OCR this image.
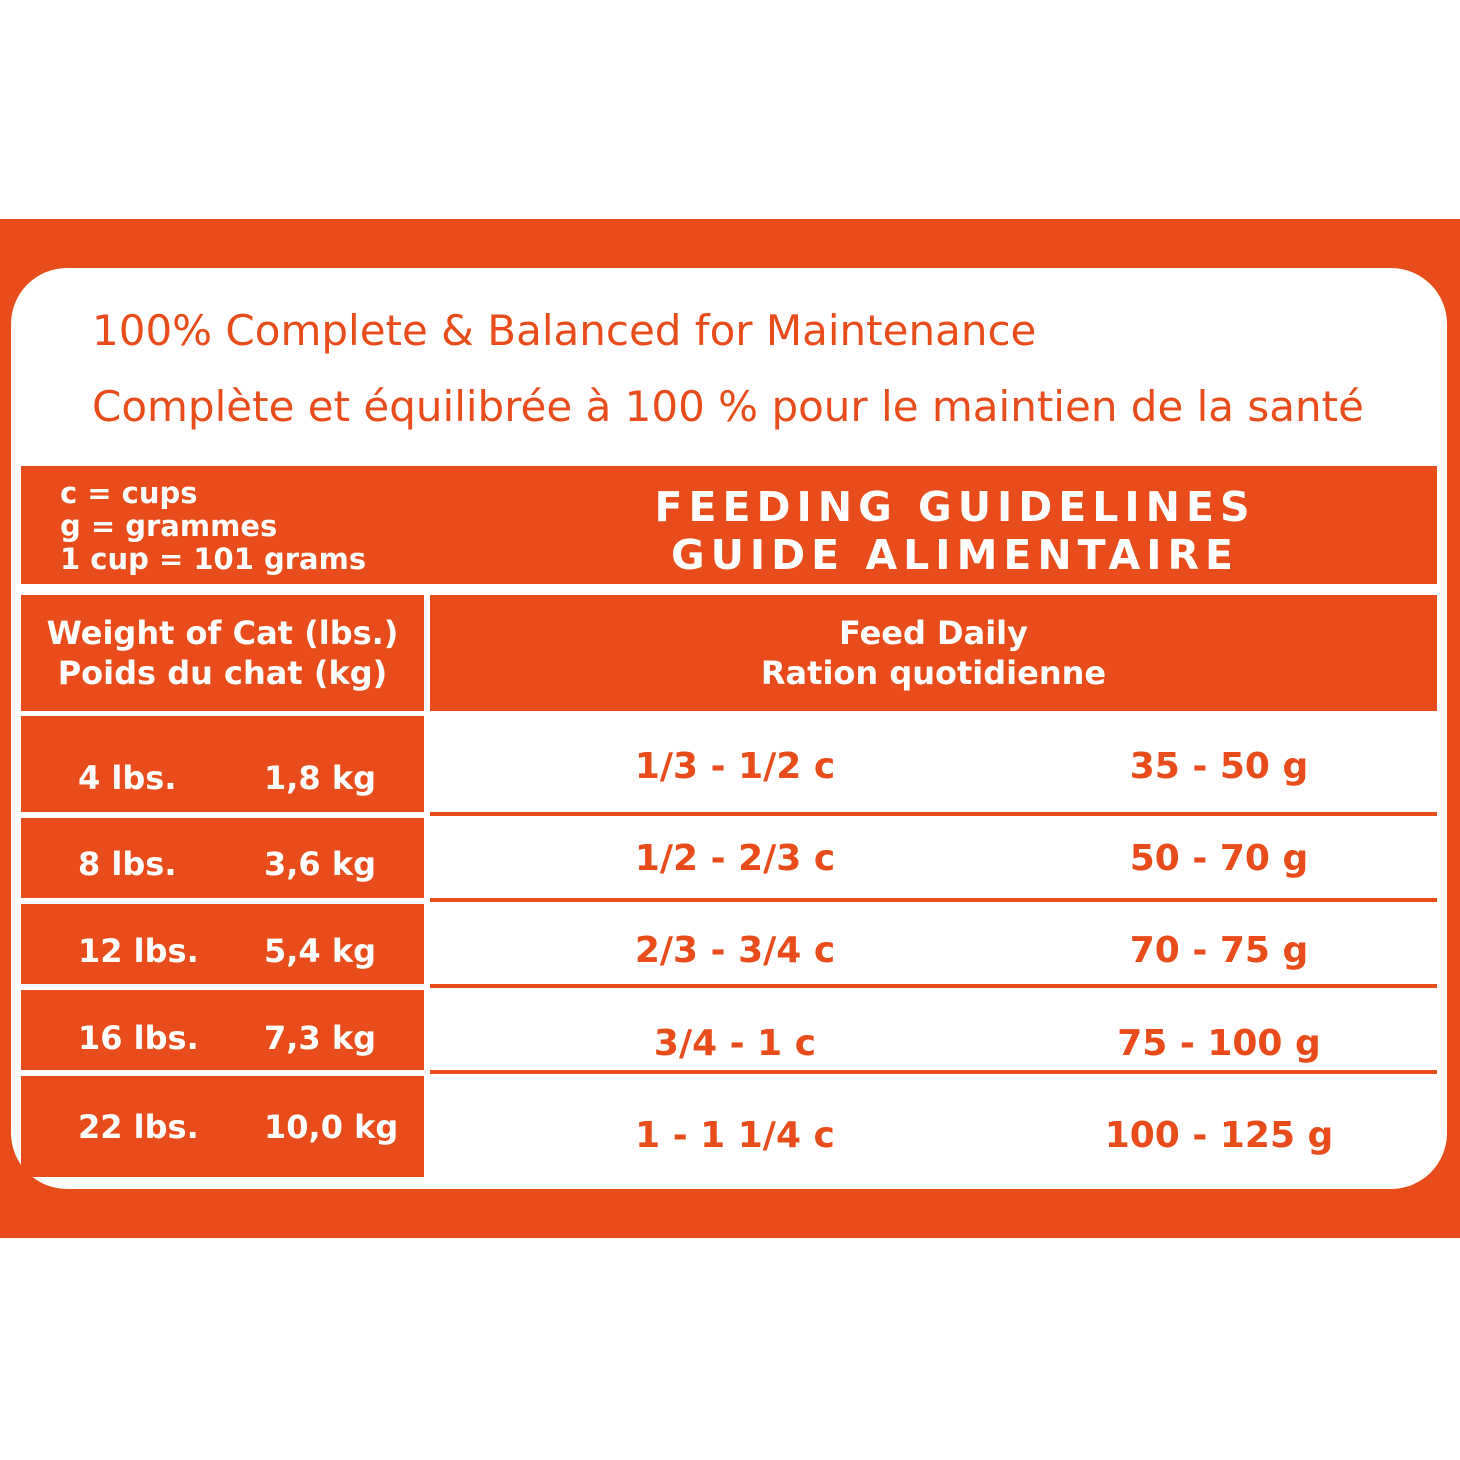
100% Complete & Balanced for Maintenance
Complète et équilibrée à 100 % pour le maintien de la santé
c = cups
g = grammes
1 cup = 101 grams
FEEDING GUIDELINES
GUIDE ALIMENTAIRE
Weight of Cat (lbs.)
Poids du chat (kg)
Feed Daily
Ration quotidienne
4 lbs.	1,8 kg	1/3 - 1/2 c	35 - 50 g
8 lbs.	3,6 kg	1/2 - 2/3 c	50 - 70 g
12 lbs. 5,4 kg	2/3 - 3/4 c	70 - 75 g
16 lbs. 7,3 kg	3/4 - 1 c	75 - 100 g
22 lbs. 10,0 kg	1 - 1 1/4 c	100 - 125 g
